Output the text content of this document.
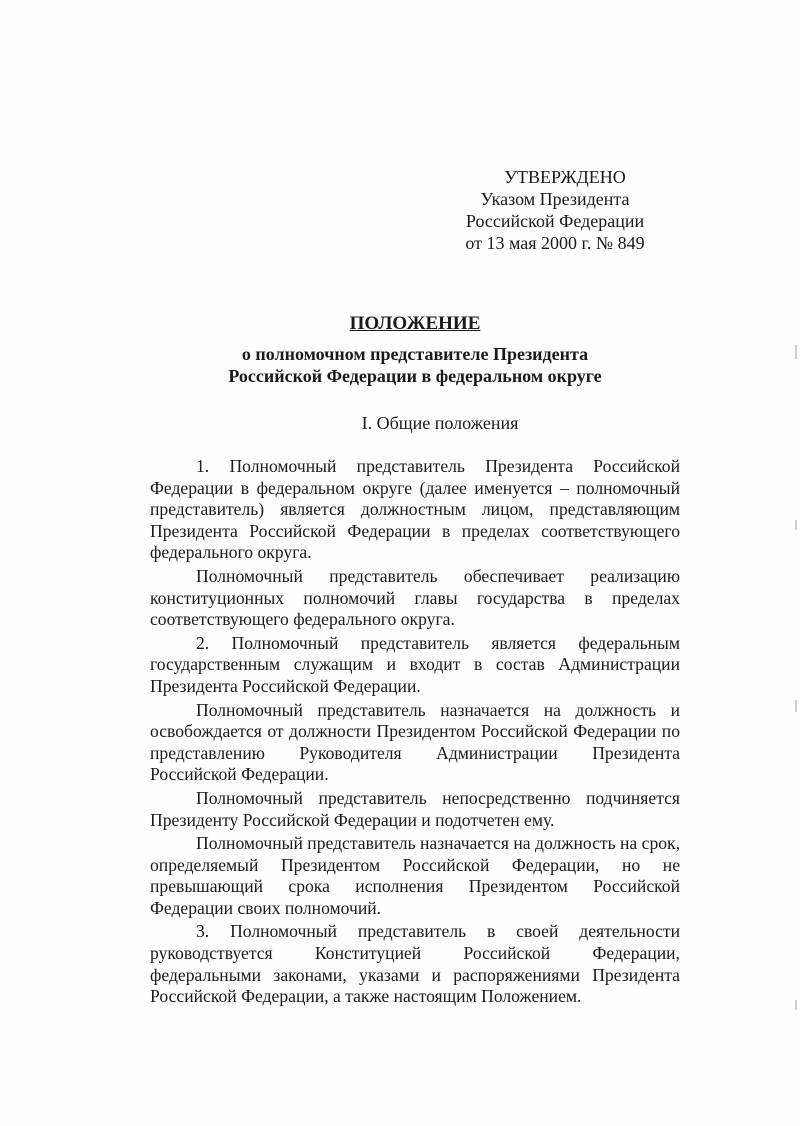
УТВЕРЖДЕНО
Указом Президента
Российской Федерации
от 13 мая 2000 г. № 849
ПОЛОЖЕНИЕ
о полномочном представителе Президента
Российской Федерации в федеральном округе
I. Общие положения

1. Полномочный представитель Президента Российской
Федерации в федеральном округе (далее именуется – полномочный
представитель) является должностным лицом, представляющим
Президента Российской Федерации в пределах соответствующего
федерального округа.

Полномочный представитель обеспечивает реализацию
конституционных полномочий главы государства в пределах
соответствующего федерального округа.

2. Полномочный представитель является федеральным
государственным служащим и входит в состав Администрации
Президента Российской Федерации.

Полномочный представитель назначается на должность и
освобождается от должности Президентом Российской Федерации по
представлению Руководителя Администрации Президента
Российской Федерации.

Полномочный представитель непосредственно подчиняется
Президенту Российской Федерации и подотчетен ему.

Полномочный представитель назначается на должность на срок,
определяемый Президентом Российской Федерации, но не
превышающий срока исполнения Президентом Российской
Федерации своих полномочий.

3. Полномочный представитель в своей деятельности
руководствуется Конституцией Российской Федерации,
федеральными законами, указами и распоряжениями Президента
Российской Федерации, а также настоящим Положением.
